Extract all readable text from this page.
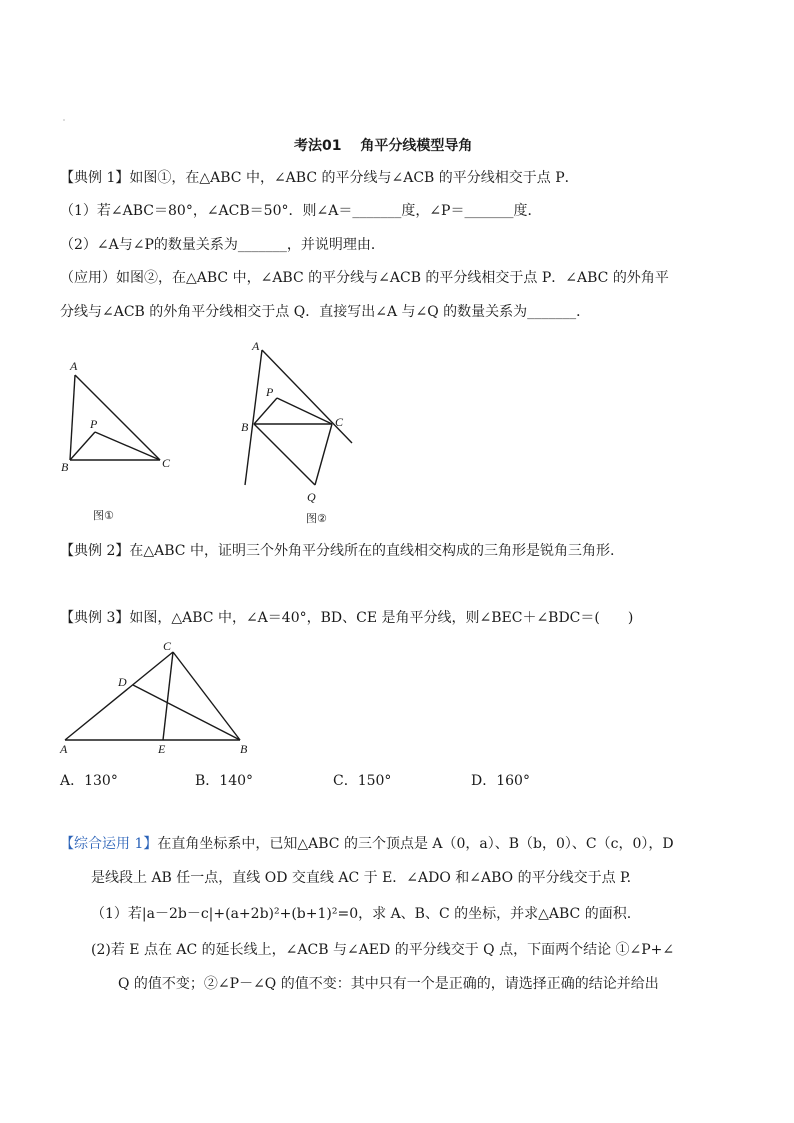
考法01　 角平分线模型导角
【典例 1】如图①，在△ABC 中，∠ABC 的平分线与∠ACB 的平分线相交于点 P．
（1）若∠ABC＝80°，∠ACB＝50°．则∠A＝_______度，∠P＝_______度．
（2）∠A与∠P的数量关系为_______，并说明理由．
（应用）如图②，在△ABC 中，∠ABC 的平分线与∠ACB 的平分线相交于点 P．∠ABC 的外角平
分线与∠ACB 的外角平分线相交于点 Q．直接写出∠A 与∠Q 的数量关系为_______．
A
B	C
P
图①
A
B	C
P
Q
图②
【典例 2】在△ABC 中，证明三个外角平分线所在的直线相交构成的三角形是锐角三角形.
【典例 3】如图，△ABC 中，∠A＝40°，BD、CE 是角平分线，则∠BEC＋∠BDC＝(　　)
C
D
A	E	B
A．130°	B．140°	C．150°	D．160°
【综合运用 1】在直角坐标系中，已知△ABC 的三个顶点是 A（0，a）、B（b，0）、C（c，0），D
是线段上 AB 任一点，直线 OD 交直线 AC 于 E．∠ADO 和∠ABO 的平分线交于点 P.
（1）若|a－2b－c|+(a+2b)²+(b+1)²=0，求 A、B、C 的坐标，并求△ABC 的面积.
(2)若 E 点在 AC 的延长线上，∠ACB 与∠AED 的平分线交于 Q 点，下面两个结论 ①∠P+∠
Q 的值不变；②∠P－∠Q 的值不变：其中只有一个是正确的，请选择正确的结论并给出
